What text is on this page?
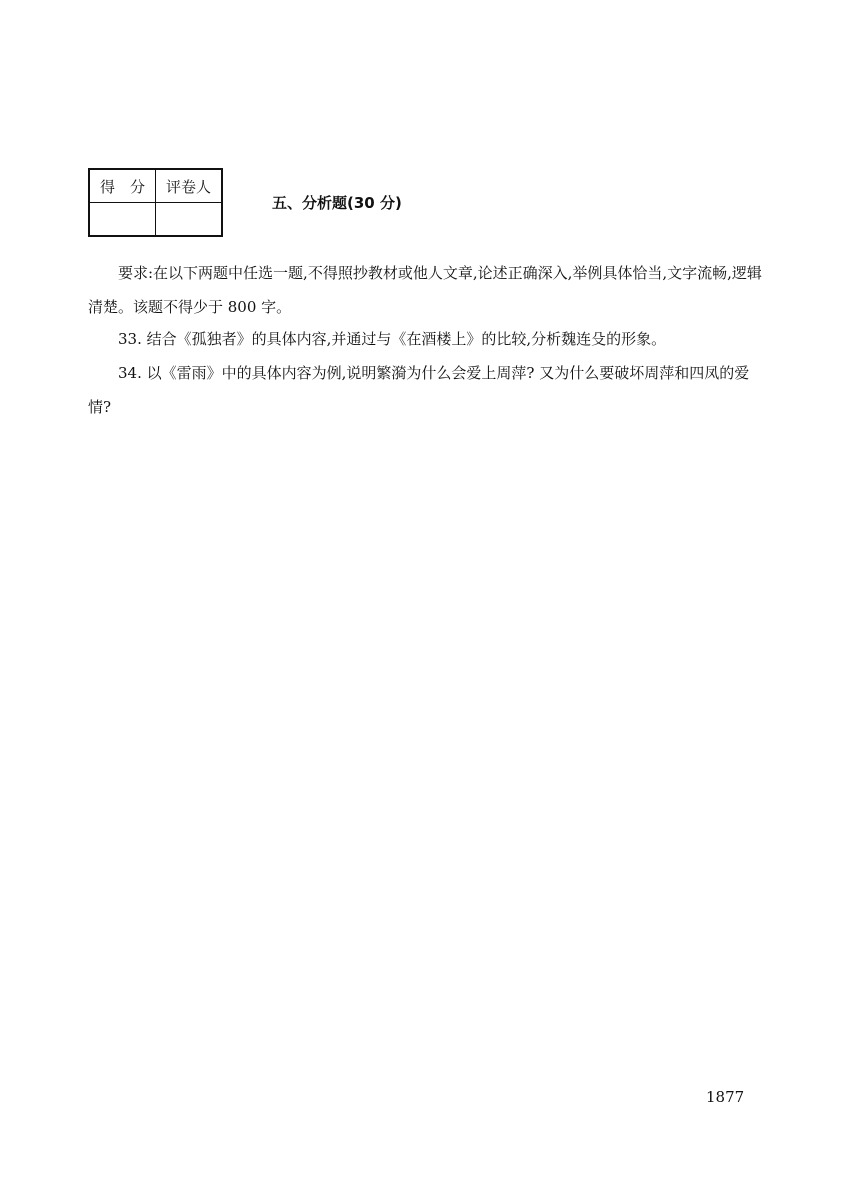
得　分	评卷人

五、分析题(30 分)
要求:在以下两题中任选一题,不得照抄教材或他人文章,论述正确深入,举例具体恰当,文字流畅,逻辑清楚。该题不得少于 800 字。
33. 结合《孤独者》的具体内容,并通过与《在酒楼上》的比较,分析魏连殳的形象。
34. 以《雷雨》中的具体内容为例,说明繁漪为什么会爱上周萍? 又为什么要破坏周萍和四凤的爱情?
1877
